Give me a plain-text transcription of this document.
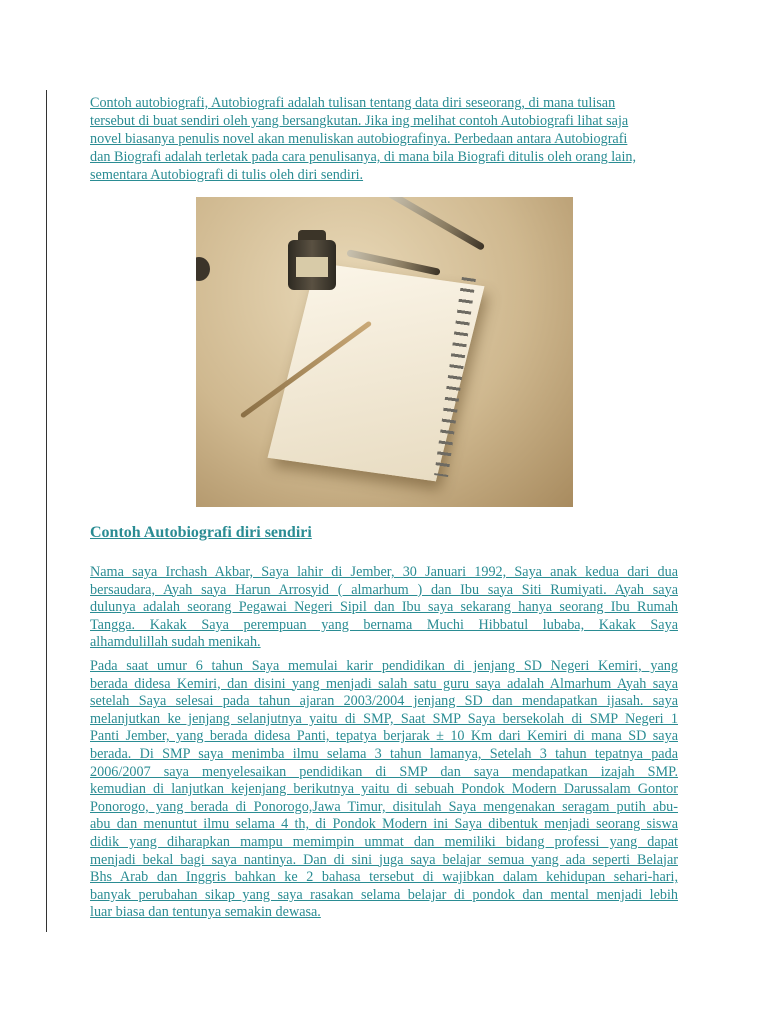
Contoh autobiografi, Autobiografi adalah tulisan tentang data diri seseorang, di mana tulisan
tersebut di buat sendiri oleh yang bersangkutan. Jika ing melihat contoh Autobiografi lihat saja
novel biasanya penulis novel akan menuliskan autobiografinya. Perbedaan antara Autobiografi
dan Biografi adalah terletak pada cara penulisanya, di mana bila Biografi ditulis oleh orang lain,
sementara Autobiografi di tulis oleh diri sendiri.
Contoh Autobiografi diri sendiri
Nama saya Irchash Akbar, Saya lahir di Jember, 30 Januari 1992, Saya anak kedua dari dua
bersaudara, Ayah saya Harun Arrosyid ( almarhum ) dan Ibu saya Siti Rumiyati. Ayah saya
dulunya adalah seorang Pegawai Negeri Sipil dan Ibu saya sekarang hanya seorang Ibu Rumah
Tangga. Kakak Saya perempuan yang bernama Muchi Hibbatul lubaba, Kakak Saya
alhamdulillah sudah menikah.
Pada saat umur 6 tahun Saya memulai karir pendidikan di jenjang SD Negeri Kemiri, yang
berada didesa Kemiri, dan disini yang menjadi salah satu guru saya adalah Almarhum Ayah saya
setelah Saya selesai pada tahun ajaran 2003/2004 jenjang SD dan mendapatkan ijasah. saya
melanjutkan ke jenjang selanjutnya yaitu di SMP, Saat SMP Saya bersekolah di SMP Negeri 1
Panti Jember, yang berada didesa Panti, tepatya berjarak ± 10 Km dari Kemiri di mana SD saya
berada. Di SMP saya menimba ilmu selama 3 tahun lamanya, Setelah 3 tahun tepatnya pada
2006/2007 saya menyelesaikan pendidikan di SMP dan saya mendapatkan izajah SMP.
kemudian di lanjutkan kejenjang berikutnya yaitu di sebuah Pondok Modern Darussalam Gontor
Ponorogo, yang berada di Ponorogo,Jawa Timur, disitulah Saya mengenakan seragam putih abu-
abu dan menuntut ilmu selama 4 th, di Pondok Modern ini Saya dibentuk menjadi seorang siswa
didik yang diharapkan mampu memimpin ummat dan memiliki bidang professi yang dapat
menjadi bekal bagi saya nantinya. Dan di sini juga saya belajar semua yang ada seperti Belajar
Bhs Arab dan Inggris bahkan ke 2 bahasa tersebut di wajibkan dalam kehidupan sehari-hari,
banyak perubahan sikap yang saya rasakan selama belajar di pondok dan mental menjadi lebih
luar biasa dan tentunya semakin dewasa.
